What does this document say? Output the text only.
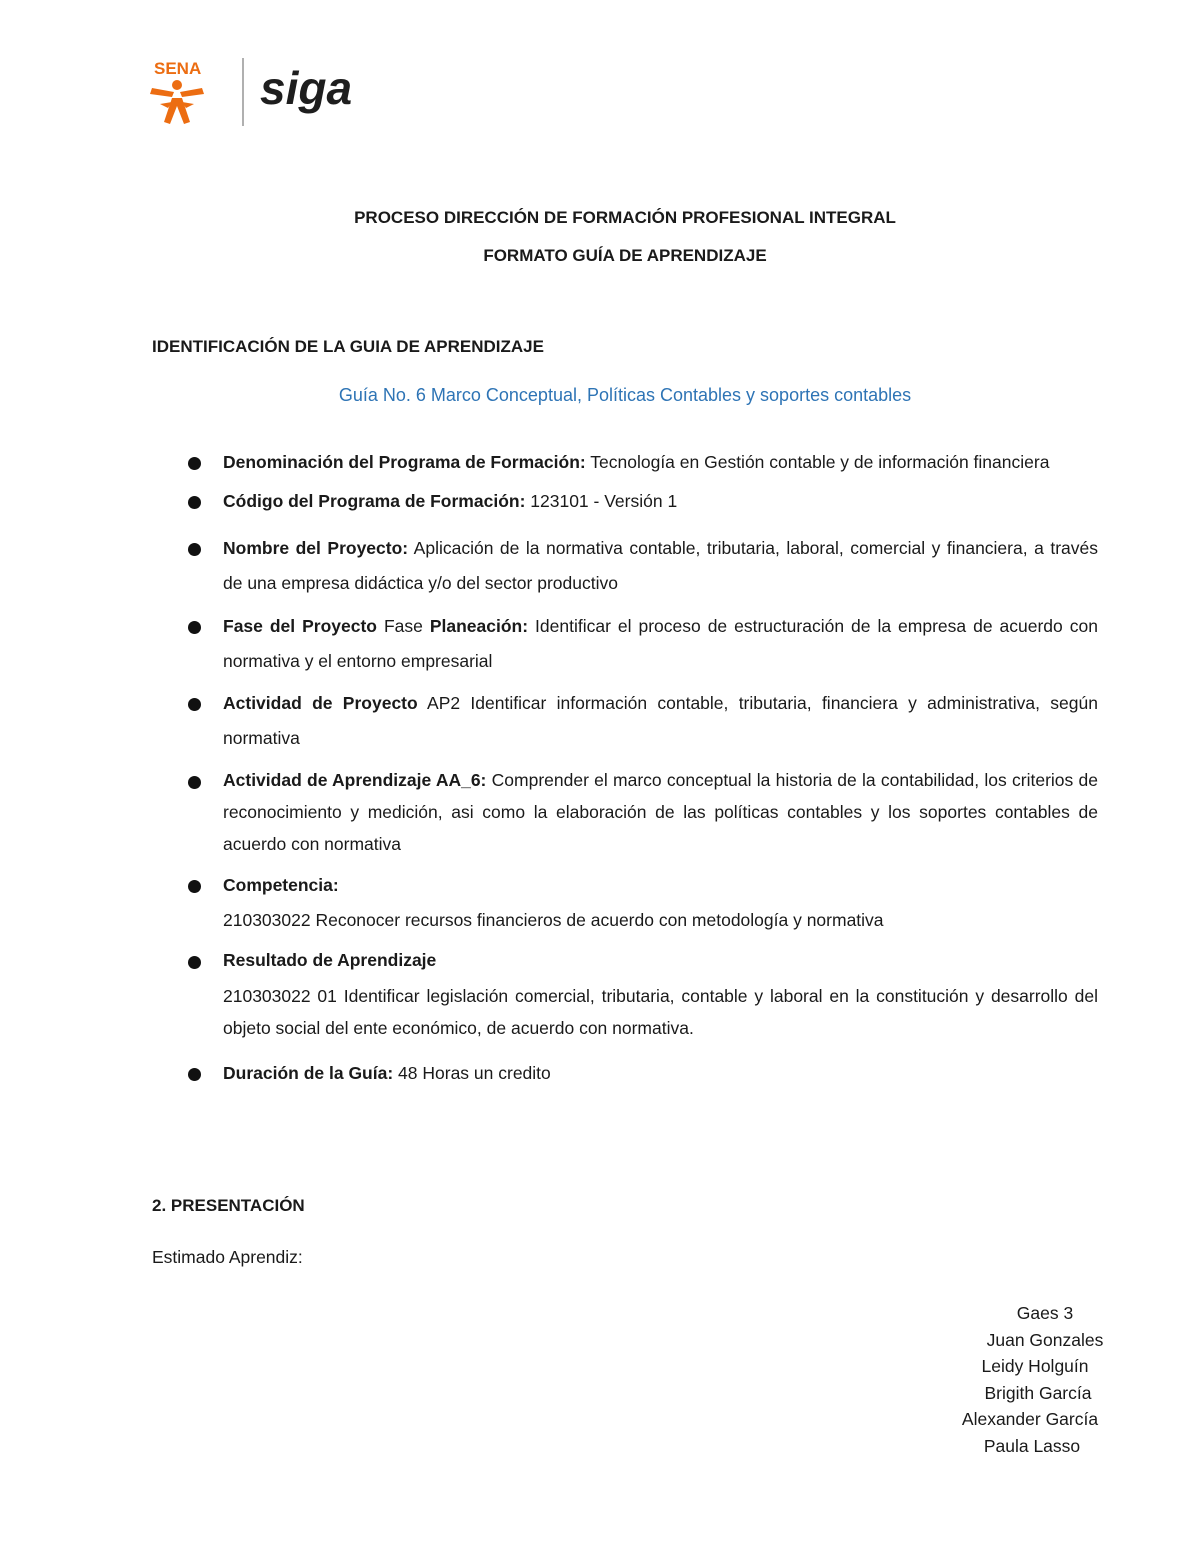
SENA siga
PROCESO DIRECCIÓN DE FORMACIÓN PROFESIONAL INTEGRAL
FORMATO GUÍA DE APRENDIZAJE
IDENTIFICACIÓN DE LA GUIA DE APRENDIZAJE
Guía No. 6 Marco Conceptual, Políticas Contables y soportes contables
Denominación del Programa de Formación: Tecnología en Gestión contable y de información financiera
Código del Programa de Formación: 123101 - Versión 1
Nombre del Proyecto: Aplicación de la normativa contable, tributaria, laboral, comercial y financiera, a través de una empresa didáctica y/o del sector productivo
Fase del Proyecto Fase Planeación: Identificar el proceso de estructuración de la empresa de acuerdo con normativa y el entorno empresarial
Actividad de Proyecto AP2 Identificar información contable, tributaria, financiera y administrativa, según normativa
Actividad de Aprendizaje AA_6: Comprender el marco conceptual la historia de la contabilidad, los criterios de reconocimiento y medición, asi como la elaboración de las políticas contables y los soportes contables de acuerdo con normativa
Competencia:
210303022 Reconocer recursos financieros de acuerdo con metodología y normativa
Resultado de Aprendizaje
210303022 01 Identificar legislación comercial, tributaria, contable y laboral en la constitución y desarrollo del objeto social del ente económico, de acuerdo con normativa.
Duración de la Guía: 48 Horas un credito
2. PRESENTACIÓN
Estimado Aprendiz:
Gaes 3
Juan Gonzales
Leidy Holguín
Brigith García
Alexander García
Paula Lasso
